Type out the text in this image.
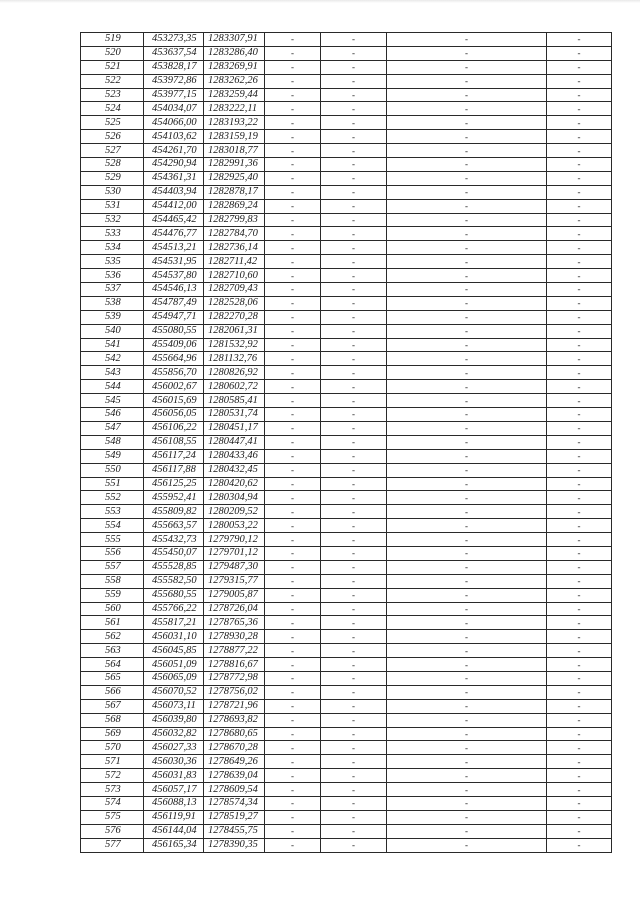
519	453273,35	1283307,91	-	-	-	-
520	453637,54	1283286,40	-	-	-	-
521	453828,17	1283269,91	-	-	-	-
522	453972,86	1283262,26	-	-	-	-
523	453977,15	1283259,44	-	-	-	-
524	454034,07	1283222,11	-	-	-	-
525	454066,00	1283193,22	-	-	-	-
526	454103,62	1283159,19	-	-	-	-
527	454261,70	1283018,77	-	-	-	-
528	454290,94	1282991,36	-	-	-	-
529	454361,31	1282925,40	-	-	-	-
530	454403,94	1282878,17	-	-	-	-
531	454412,00	1282869,24	-	-	-	-
532	454465,42	1282799,83	-	-	-	-
533	454476,77	1282784,70	-	-	-	-
534	454513,21	1282736,14	-	-	-	-
535	454531,95	1282711,42	-	-	-	-
536	454537,80	1282710,60	-	-	-	-
537	454546,13	1282709,43	-	-	-	-
538	454787,49	1282528,06	-	-	-	-
539	454947,71	1282270,28	-	-	-	-
540	455080,55	1282061,31	-	-	-	-
541	455409,06	1281532,92	-	-	-	-
542	455664,96	1281132,76	-	-	-	-
543	455856,70	1280826,92	-	-	-	-
544	456002,67	1280602,72	-	-	-	-
545	456015,69	1280585,41	-	-	-	-
546	456056,05	1280531,74	-	-	-	-
547	456106,22	1280451,17	-	-	-	-
548	456108,55	1280447,41	-	-	-	-
549	456117,24	1280433,46	-	-	-	-
550	456117,88	1280432,45	-	-	-	-
551	456125,25	1280420,62	-	-	-	-
552	455952,41	1280304,94	-	-	-	-
553	455809,82	1280209,52	-	-	-	-
554	455663,57	1280053,22	-	-	-	-
555	455432,73	1279790,12	-	-	-	-
556	455450,07	1279701,12	-	-	-	-
557	455528,85	1279487,30	-	-	-	-
558	455582,50	1279315,77	-	-	-	-
559	455680,55	1279005,87	-	-	-	-
560	455766,22	1278726,04	-	-	-	-
561	455817,21	1278765,36	-	-	-	-
562	456031,10	1278930,28	-	-	-	-
563	456045,85	1278877,22	-	-	-	-
564	456051,09	1278816,67	-	-	-	-
565	456065,09	1278772,98	-	-	-	-
566	456070,52	1278756,02	-	-	-	-
567	456073,11	1278721,96	-	-	-	-
568	456039,80	1278693,82	-	-	-	-
569	456032,82	1278680,65	-	-	-	-
570	456027,33	1278670,28	-	-	-	-
571	456030,36	1278649,26	-	-	-	-
572	456031,83	1278639,04	-	-	-	-
573	456057,17	1278609,54	-	-	-	-
574	456088,13	1278574,34	-	-	-	-
575	456119,91	1278519,27	-	-	-	-
576	456144,04	1278455,75	-	-	-	-
577	456165,34	1278390,35	-	-	-	-
